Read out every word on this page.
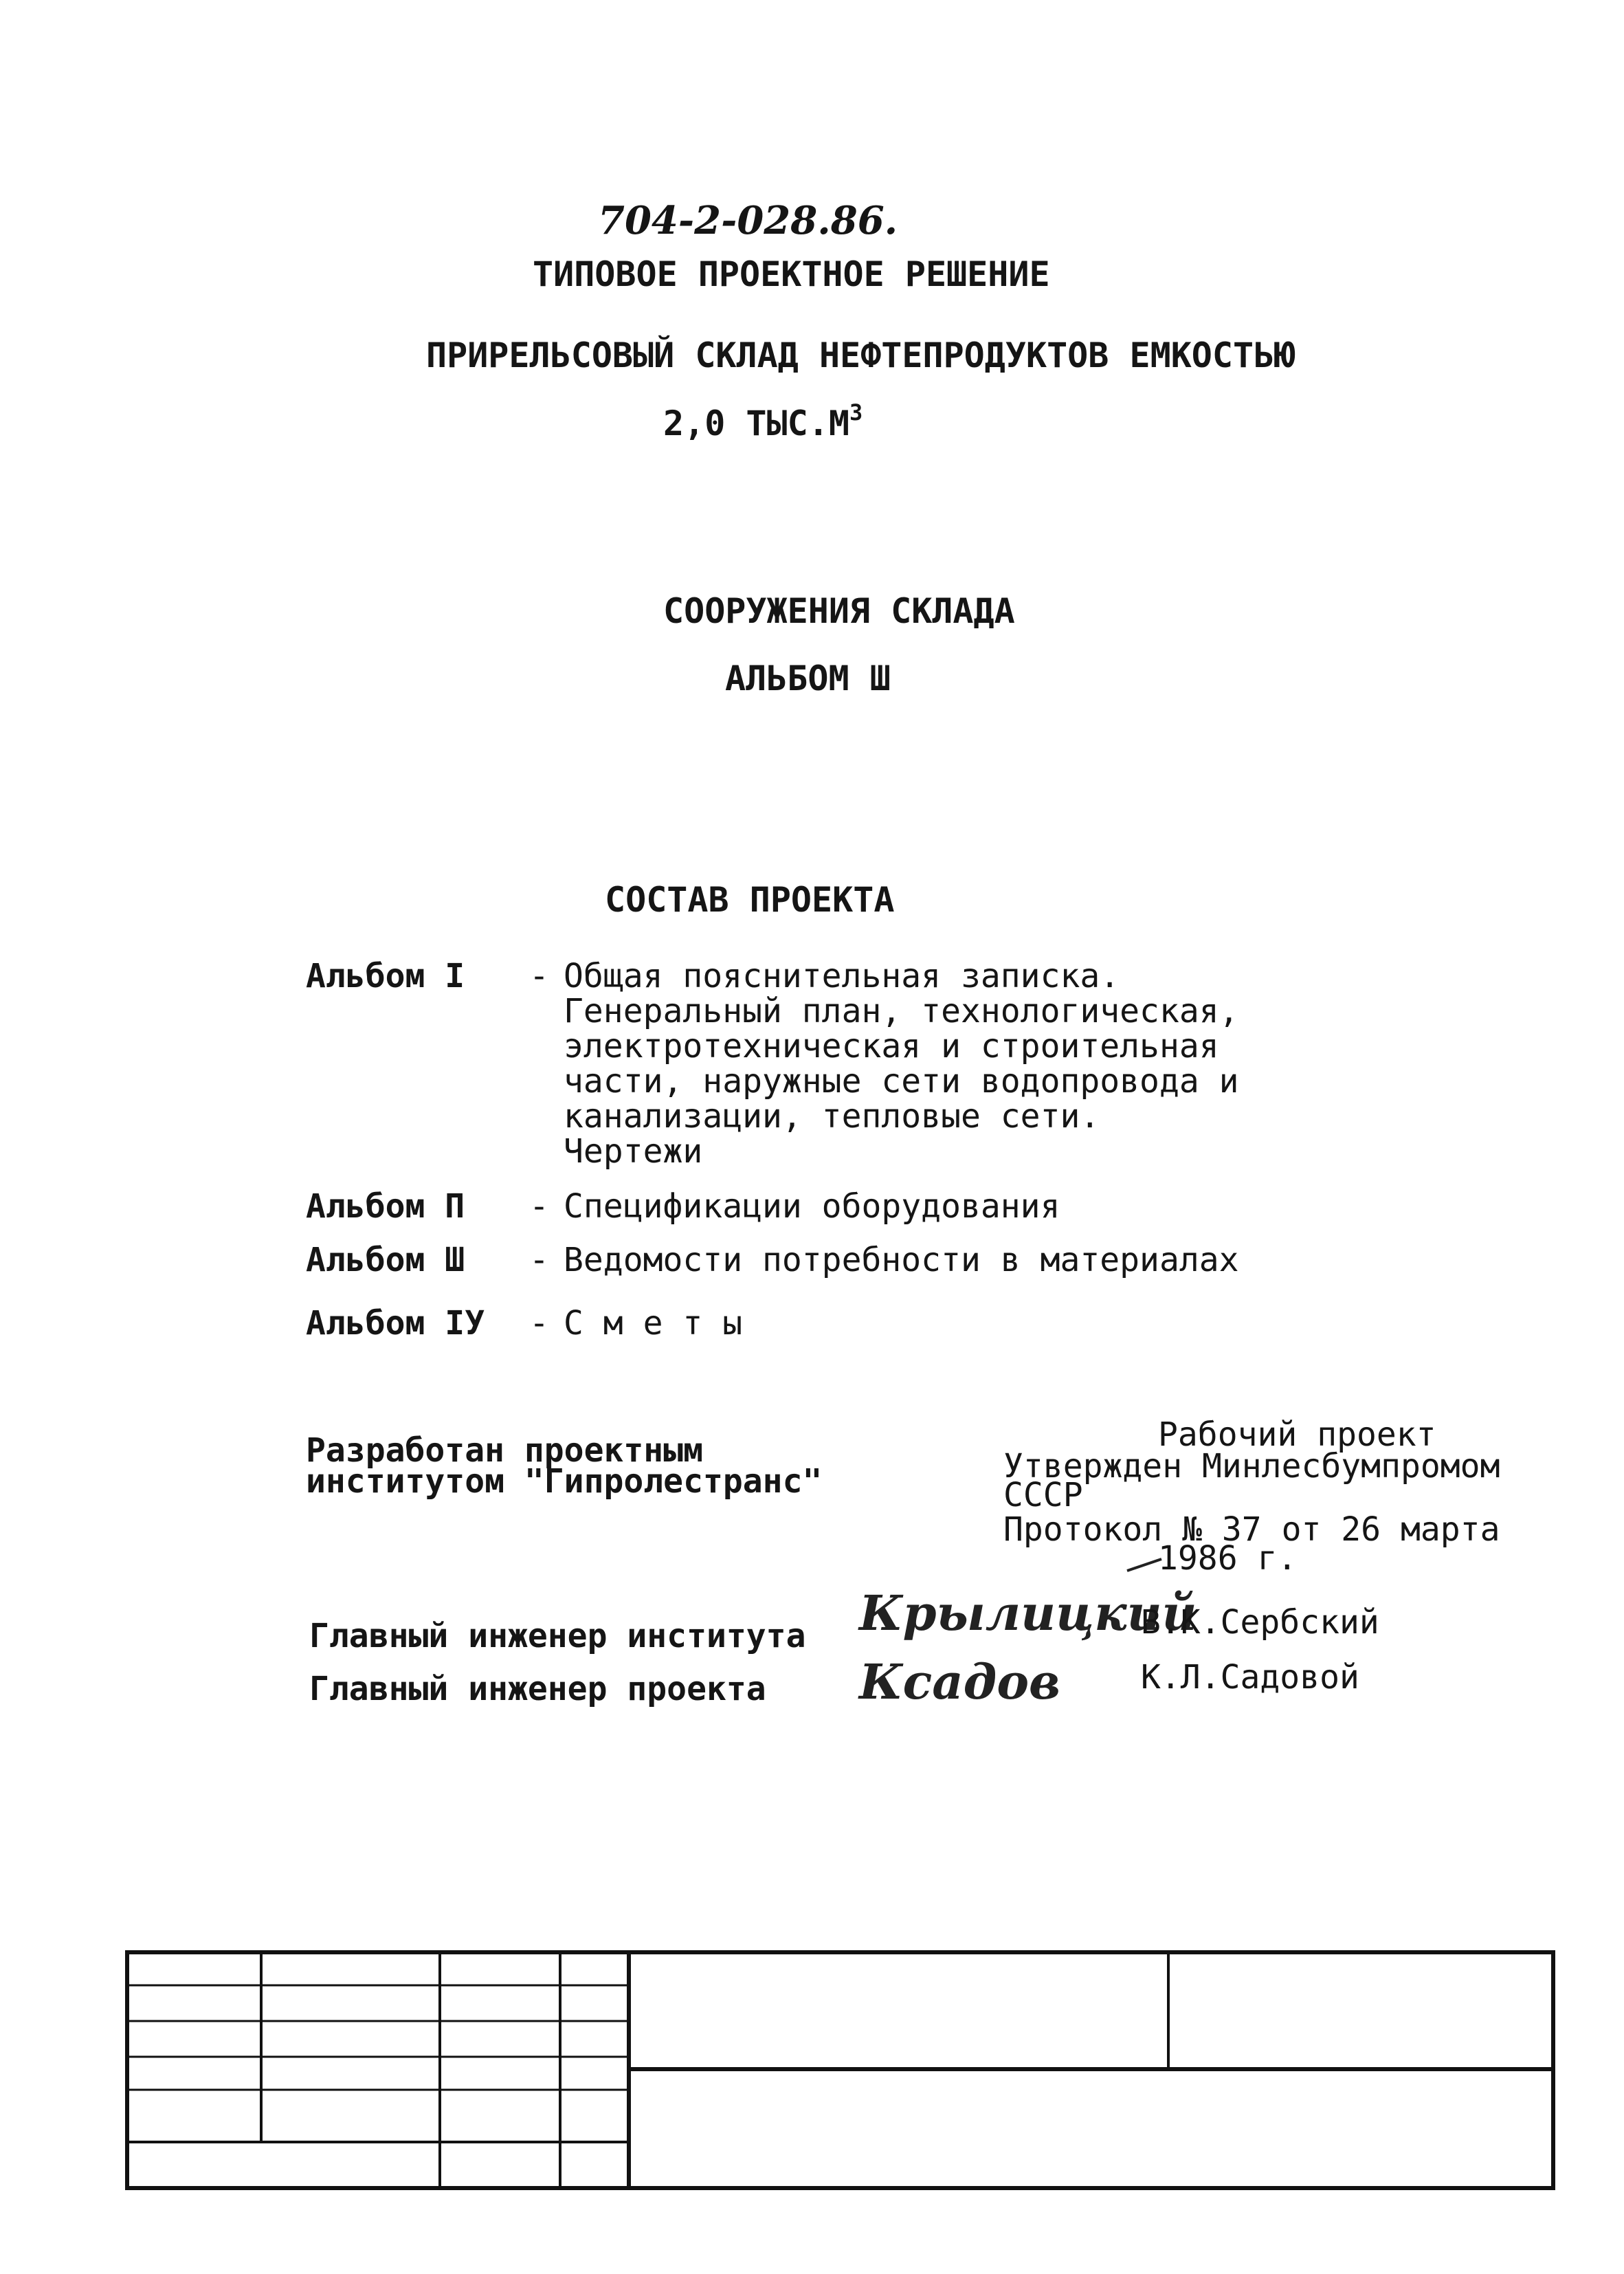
704-2-028.86.
ТИПОВОЕ ПРОЕКТНОЕ РЕШЕНИЕ
ПРИРЕЛЬСОВЫЙ СКЛАД НЕФТЕПРОДУКТОВ ЕМКОСТЬЮ
2,0 $ТЫС.М^3$
СООРУЖЕНИЯ СКЛАДА
АЛЬБОМ Ш
СОСТАВ ПРОЕКТА
Альбом I - Общая пояснительная записка.
Генеральный план, технологическая,
электротехническая и строительная
части, наружные сети водопровода и
канализации, тепловые сети.
Чертежи
Альбом П - Спецификации оборудования
Альбом Ш - Ведомости потребности в материалах
Альбом IУ - С м е т ы
Разработан проектным
институтом "Гипролестранс"
Рабочий проект
Утвержден Минлесбумпромом
СССР
Протокол № 37 от 26 марта
1986 г.
Главный инженер института Крылицкий
В.К.Сербский
Главный инженер проекта Ксадов К.Л.Садовой
